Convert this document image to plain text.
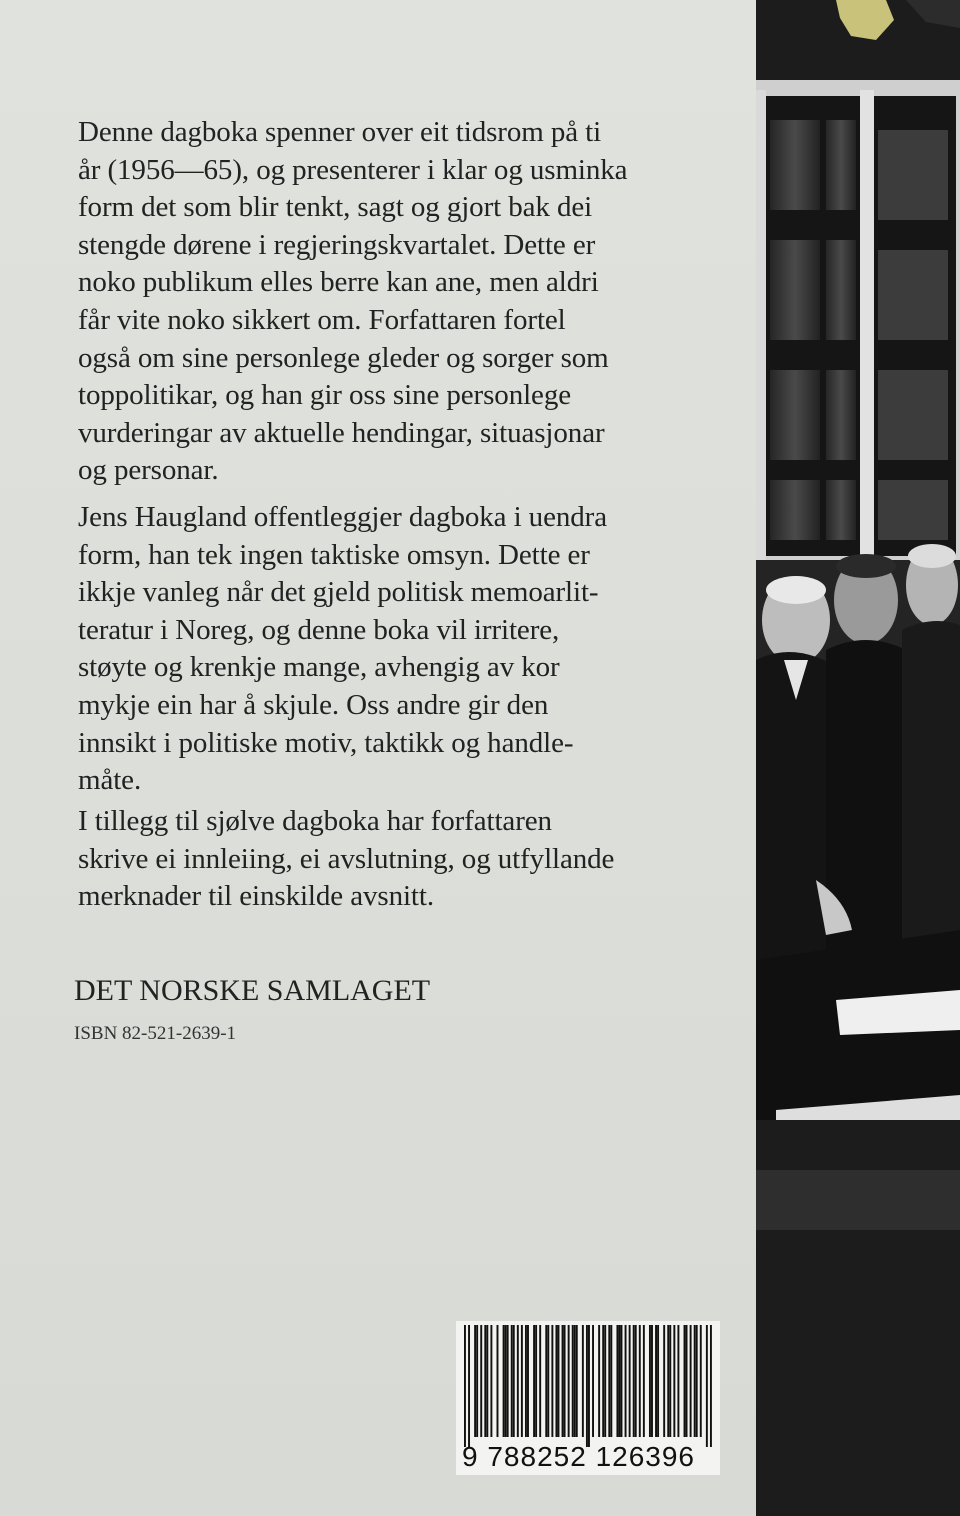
Denne dagboka spenner over eit tidsrom på ti
år (1956—65), og presenterer i klar og usminka
form det som blir tenkt, sagt og gjort bak dei
stengde dørene i regjeringskvartalet. Dette er
noko publikum elles berre kan ane, men aldri
får vite noko sikkert om. Forfattaren fortel
også om sine personlege gleder og sorger som
toppolitikar, og han gir oss sine personlege
vurderingar av aktuelle hendingar, situasjonar
og personar.
Jens Haugland offentleggjer dagboka i uendra
form, han tek ingen taktiske omsyn. Dette er
ikkje vanleg når det gjeld politisk memoarlit-
teratur i Noreg, og denne boka vil irritere,
støyte og krenkje mange, avhengig av kor
mykje ein har å skjule. Oss andre gir den
innsikt i politiske motiv, taktikk og handle-
måte.
I tillegg til sjølve dagboka har forfattaren
skrive ei innleiing, ei avslutning, og utfyllande
merknader til einskilde avsnitt.
DET NORSKE SAMLAGET
ISBN 82-521-2639-1
9 788252 126396
